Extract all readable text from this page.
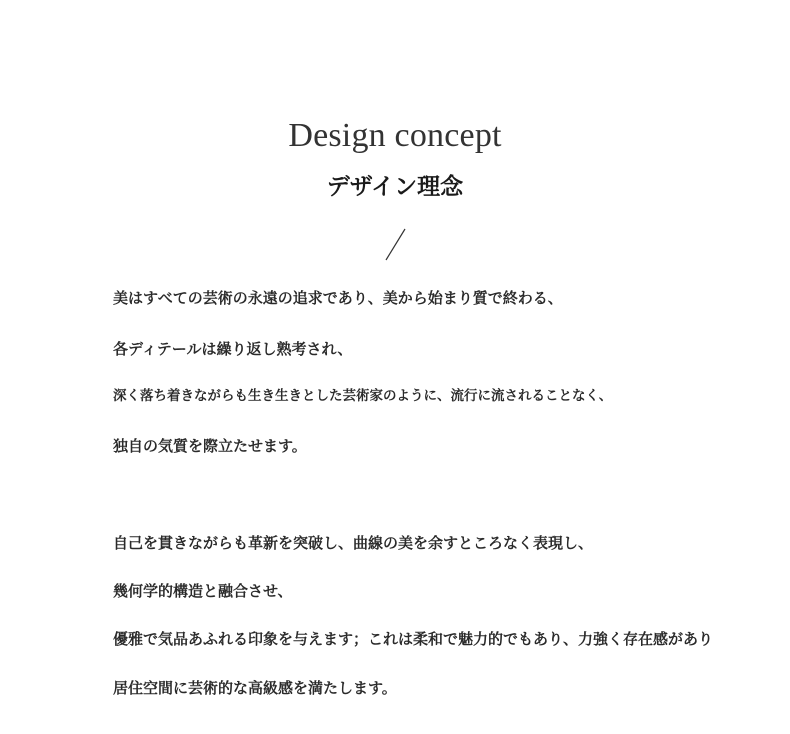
Design concept
デザイン理念

美はすべての芸術の永遠の追求であり、美から始まり質で終わる、

各ディテールは繰り返し熟考され、

深く落ち着きながらも生き生きとした芸術家のように、流行に流されることなく、

独自の気質を際立たせます。

自己を貫きながらも革新を突破し、曲線の美を余すところなく表現し、

幾何学的構造と融合させ、

優雅で気品あふれる印象を与えます；これは柔和で魅力的でもあり、力強く存在感があり

居住空間に芸術的な高級感を満たします。
